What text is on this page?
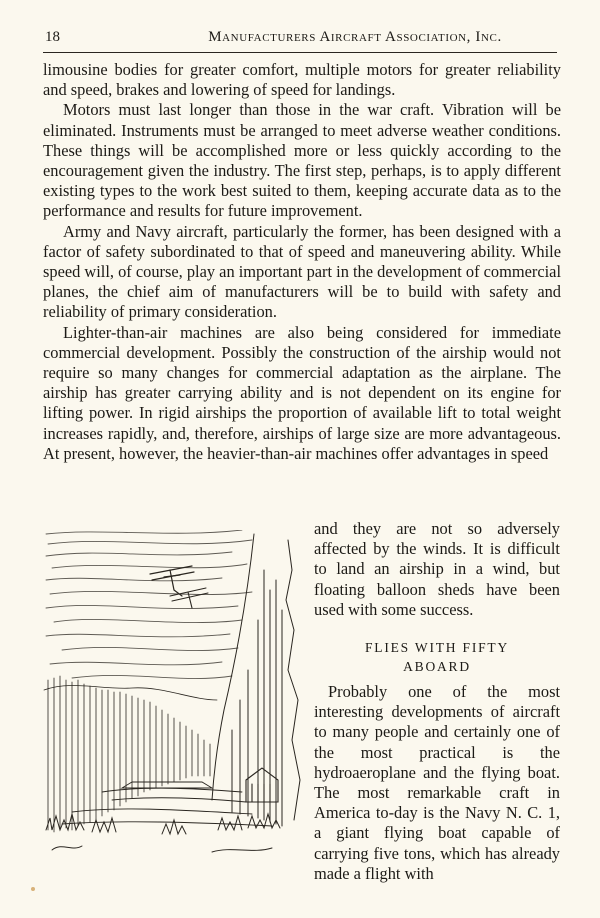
18	Manufacturers Aircraft Association, Inc.

limousine bodies for greater comfort, multiple motors for greater reliability and speed, brakes and lowering of speed for landings.

Motors must last longer than those in the war craft. Vibration will be eliminated. Instruments must be arranged to meet adverse weather conditions. These things will be accomplished more or less quickly according to the encouragement given the industry. The first step, perhaps, is to apply different existing types to the work best suited to them, keeping accurate data as to the performance and results for future improvement.

Army and Navy aircraft, particularly the former, has been designed with a factor of safety subordinated to that of speed and maneuvering ability. While speed will, of course, play an important part in the development of commercial planes, the chief aim of manufacturers will be to build with safety and reliability of primary consideration.

Lighter-than-air machines are also being considered for immediate commercial development. Possibly the construction of the airship would not require so many changes for commercial adaptation as the airplane. The airship has greater carrying ability and is not dependent on its engine for lifting power. In rigid airships the proportion of available lift to total weight increases rapidly, and, therefore, airships of large size are more advantageous. At present, however, the heavier-than-air machines offer advantages in speed

and they are not so adversely affected by the winds. It is difficult to land an airship in a wind, but floating balloon sheds have been used with some success.

FLIES WITH FIFTY
ABOARD

Probably one of the most interesting developments of aircraft to many people and certainly one of the most practical is the hydroaeroplane and the flying boat. The most remarkable craft in America to-day is the Navy N. C. 1, a giant flying boat capable of carrying five tons, which has already made a flight with
